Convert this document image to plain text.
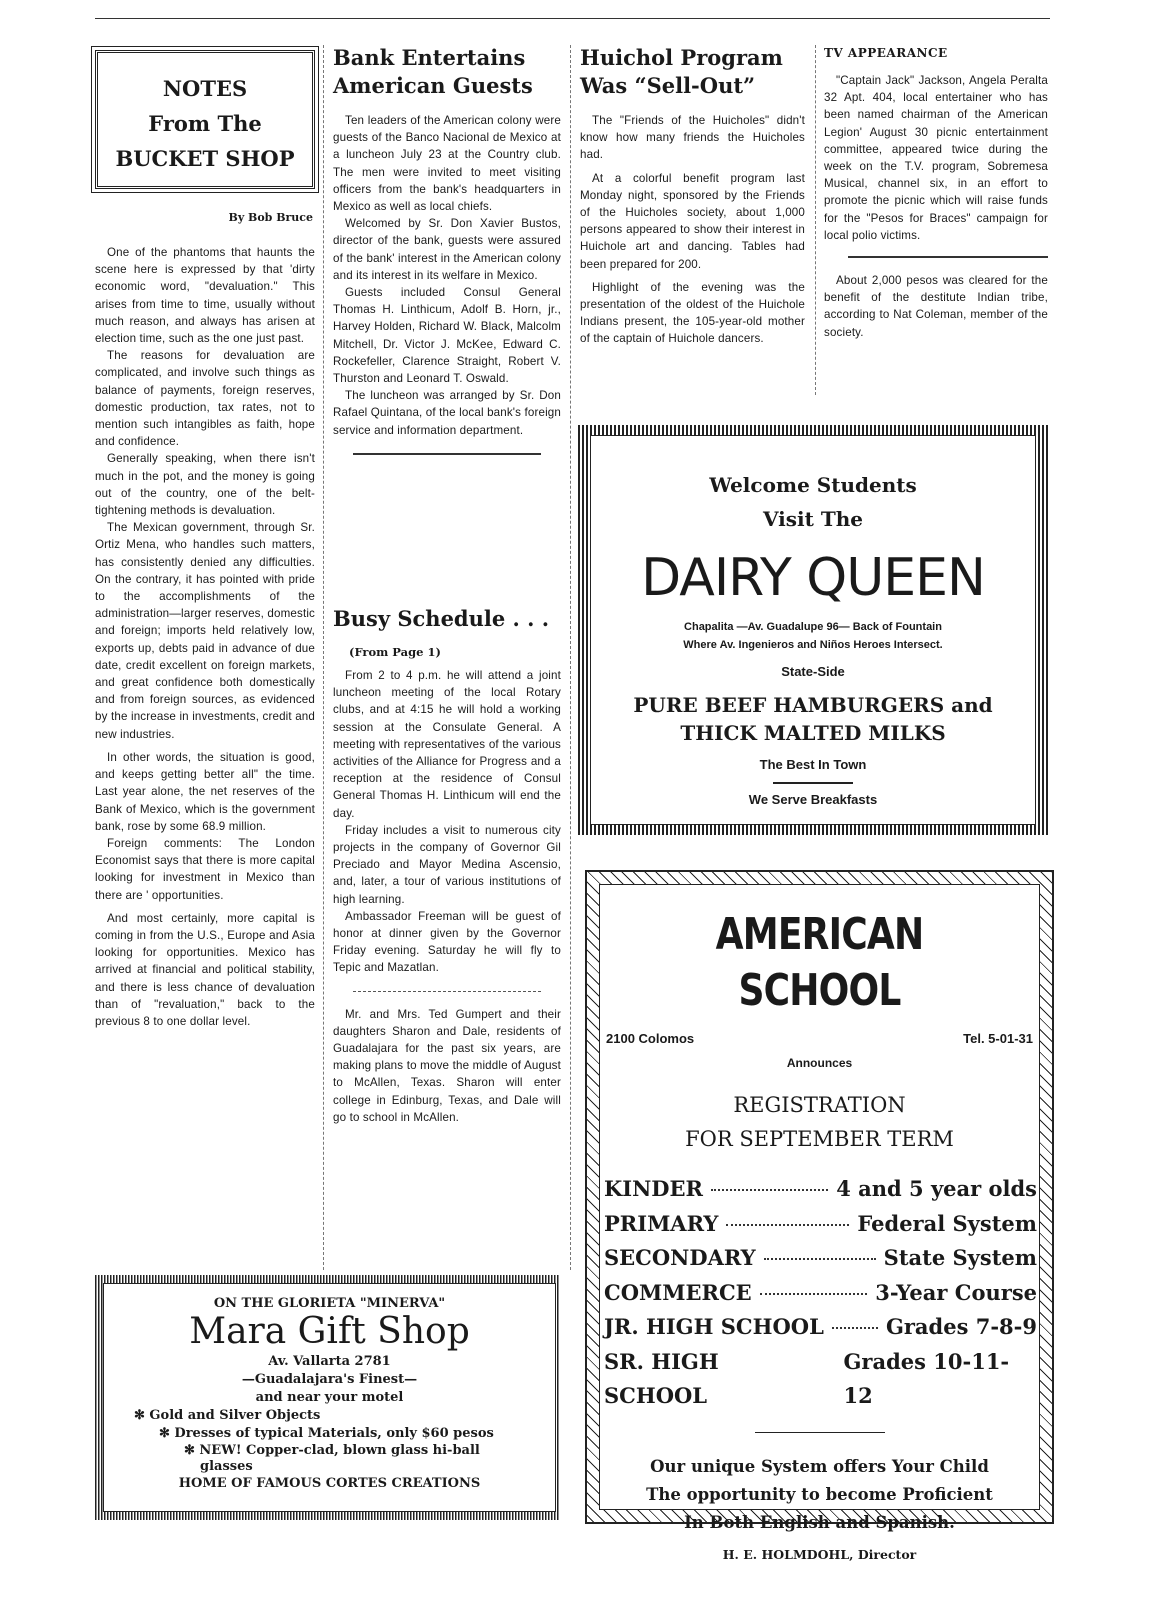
NOTES
From The
BUCKET SHOP
By Bob Bruce

One of the phantoms that haunts the scene here is expressed by that 'dirty economic word, "devaluation." This arises from time to time, usually without much reason, and always has arisen at election time, such as the one just past.

The reasons for devaluation are complicated, and involve such things as balance of payments, foreign reserves, domestic production, tax rates, not to mention such intangibles as faith, hope and confidence.

Generally speaking, when there isn't much in the pot, and the money is going out of the country, one of the belt-tightening methods is devaluation.

The Mexican government, through Sr. Ortiz Mena, who handles such matters, has consistently denied any difficulties. On the contrary, it has pointed with pride to the accomplishments of the administration—larger reserves, domestic and foreign; imports held relatively low, exports up, debts paid in advance of due date, credit excellent on foreign markets, and great confidence both domestically and from foreign sources, as evidenced by the increase in investments, credit and new industries.

In other words, the situation is good, and keeps getting better all" the time. Last year alone, the net reserves of the Bank of Mexico, which is the government bank, rose by some 68.9 million.

Foreign comments: The London Economist says that there is more capital looking for investment in Mexico than there are ' opportunities.

And most certainly, more capital is coming in from the U.S., Europe and Asia looking for opportunities. Mexico has arrived at financial and political stability, and there is less chance of devaluation than of "revaluation," back to the previous 8 to one dollar level.

Bank Entertains
American Guests

Ten leaders of the American colony were guests of the Banco Nacional de Mexico at a luncheon July 23 at the Country club. The men were invited to meet visiting officers from the bank's headquarters in Mexico as well as local chiefs.

Welcomed by Sr. Don Xavier Bustos, director of the bank, guests were assured of the bank' interest in the American colony and its interest in its welfare in Mexico.

Guests included Consul General Thomas H. Linthicum, Adolf B. Horn, jr., Harvey Holden, Richard W. Black, Malcolm Mitchell, Dr. Victor J. McKee, Edward C. Rockefeller, Clarence Straight, Robert V. Thurston and Leonard T. Oswald.

The luncheon was arranged by Sr. Don Rafael Quintana, of the local bank's foreign service and information department.

Busy Schedule . . .
(From Page 1)

From 2 to 4 p.m. he will attend a joint luncheon meeting of the local Rotary clubs, and at 4:15 he will hold a working session at the Consulate General. A meeting with representatives of the various activities of the Alliance for Progress and a reception at the residence of Consul General Thomas H. Linthicum will end the day.

Friday includes a visit to numerous city projects in the company of Governor Gil Preciado and Mayor Medina Ascensio, and, later, a tour of various institutions of high learning.

Ambassador Freeman will be guest of honor at dinner given by the Governor Friday evening. Saturday he will fly to Tepic and Mazatlan.

Mr. and Mrs. Ted Gumpert and their daughters Sharon and Dale, residents of Guadalajara for the past six years, are making plans to move the middle of August to McAllen, Texas. Sharon will enter college in Edinburg, Texas, and Dale will go to school in McAllen.

Huichol Program
Was “Sell-Out”

The "Friends of the Huicholes" didn't know how many friends the Huicholes had.

At a colorful benefit program last Monday night, sponsored by the Friends of the Huicholes society, about 1,000 persons appeared to show their interest in Huichole art and dancing. Tables had been prepared for 200.

Highlight of the evening was the presentation of the oldest of the Huichole Indians present, the 105-year-old mother of the captain of Huichole dancers.

TV APPEARANCE

"Captain Jack" Jackson, Angela Peralta 32 Apt. 404, local entertainer who has been named chairman of the American Legion' August 30 picnic entertainment committee, appeared twice during the week on the T.V. program, Sobremesa Musical, channel six, in an effort to promote the picnic which will raise funds for the "Pesos for Braces" campaign for local polio victims.

About 2,000 pesos was cleared for the benefit of the destitute Indian tribe, according to Nat Coleman, member of the society.

Welcome Students
Visit The
DAIRY QUEEN
Chapalita —Av. Guadalupe 96— Back of Fountain
Where Av. Ingenieros and Niños Heroes Intersect.
State-Side
PURE BEEF HAMBURGERS and
THICK MALTED MILKS
The Best In Town
We Serve Breakfasts
AMERICAN SCHOOL
2100 Colomos	Tel. 5-01-31
Announces
REGISTRATION
FOR SEPTEMBER TERM
KINDER	4 and 5 year olds
PRIMARY	Federal System
SECONDARY	State System
COMMERCE	3-Year Course
JR. HIGH SCHOOL	Grades 7-8-9
SR. HIGH SCHOOL
Grades 10-11-12
Our unique System offers Your Child
The opportunity to become Proficient
In Both English and Spanish.
H. E. HOLMDOHL, Director
ON THE GLORIETA "MINERVA"
Mara Gift Shop
Av. Vallarta 2781
—Guadalajara's Finest—
and near your motel
✻ Gold and Silver Objects
✻ Dresses of typical Materials, only $60 pesos
✻ NEW! Copper-clad, blown glass hi-ball glasses
HOME OF FAMOUS CORTES CREATIONS
